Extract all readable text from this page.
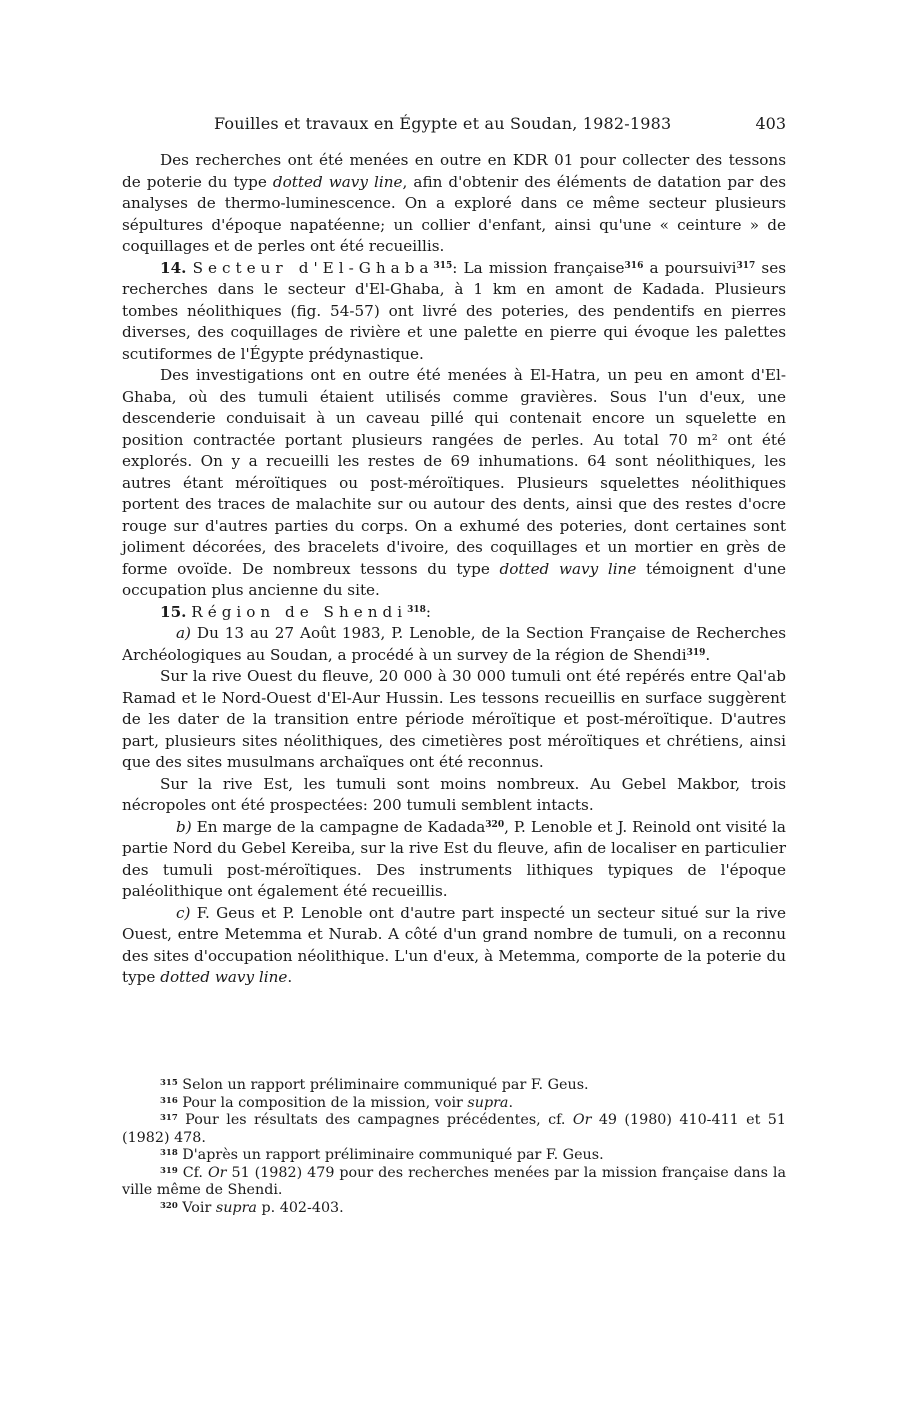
Fouilles et travaux en Égypte et au Soudan, 1982-1983	403

Des recherches ont été menées en outre en KDR 01 pour collecter des tessons de poterie du type dotted wavy line, afin d'obtenir des éléments de datation par des analyses de thermo-luminescence. On a exploré dans ce même secteur plusieurs sépultures d'époque napatéenne; un collier d'enfant, ainsi qu'une « ceinture » de coquillages et de perles ont été recueillis.

14. Secteur d'El-Ghaba$^{315}$: La mission française$^{316}$ a poursuivi$^{317}$ ses recherches dans le secteur d'El-Ghaba, à 1 km en amont de Kadada. Plusieurs tombes néolithiques (fig. 54-57) ont livré des poteries, des pendentifs en pierres diverses, des coquillages de rivière et une palette en pierre qui évoque les palettes scutiformes de l'Égypte prédynastique.

Des investigations ont en outre été menées à El-Hatra, un peu en amont d'El-Ghaba, où des tumuli étaient utilisés comme gravières. Sous l'un d'eux, une descenderie conduisait à un caveau pillé qui contenait encore un squelette en position contractée portant plusieurs rangées de perles. Au total 70 m² ont été explorés. On y a recueilli les restes de 69 inhumations. 64 sont néolithiques, les autres étant méroïtiques ou post-méroïtiques. Plusieurs squelettes néolithiques portent des traces de malachite sur ou autour des dents, ainsi que des restes d'ocre rouge sur d'autres parties du corps. On a exhumé des poteries, dont certaines sont joliment décorées, des bracelets d'ivoire, des coquillages et un mortier en grès de forme ovoïde. De nombreux tessons du type dotted wavy line témoignent d'une occupation plus ancienne du site.

15. Région de Shendi$^{318}$:

a) Du 13 au 27 Août 1983, P. Lenoble, de la Section Française de Recherches Archéologiques au Soudan, a procédé à un survey de la région de Shendi$^{319}$.

Sur la rive Ouest du fleuve, 20 000 à 30 000 tumuli ont été repérés entre Qal'ab Ramad et le Nord-Ouest d'El-Aur Hussin. Les tessons recueillis en surface suggèrent de les dater de la transition entre période méroïtique et post-méroïtique. D'autres part, plusieurs sites néolithiques, des cimetières post méroïtiques et chrétiens, ainsi que des sites musulmans archaïques ont été reconnus.

Sur la rive Est, les tumuli sont moins nombreux. Au Gebel Makbor, trois nécropoles ont été prospectées: 200 tumuli semblent intacts.

b) En marge de la campagne de Kadada$^{320}$, P. Lenoble et J. Reinold ont visité la partie Nord du Gebel Kereiba, sur la rive Est du fleuve, afin de localiser en particulier des tumuli post-méroïtiques. Des instruments lithiques typiques de l'époque paléolithique ont également été recueillis.

c) F. Geus et P. Lenoble ont d'autre part inspecté un secteur situé sur la rive Ouest, entre Metemma et Nurab. A côté d'un grand nombre de tumuli, on a reconnu des sites d'occupation néolithique. L'un d'eux, à Metemma, comporte de la poterie du type dotted wavy line.

$^{315}$ Selon un rapport préliminaire communiqué par F. Geus.

$^{316}$ Pour la composition de la mission, voir supra.

$^{317}$ Pour les résultats des campagnes précédentes, cf. Or 49 (1980) 410-411 et 51 (1982) 478.

$^{318}$ D'après un rapport préliminaire communiqué par F. Geus.

$^{319}$ Cf. Or 51 (1982) 479 pour des recherches menées par la mission française dans la ville même de Shendi.

$^{320}$ Voir supra p. 402-403.
